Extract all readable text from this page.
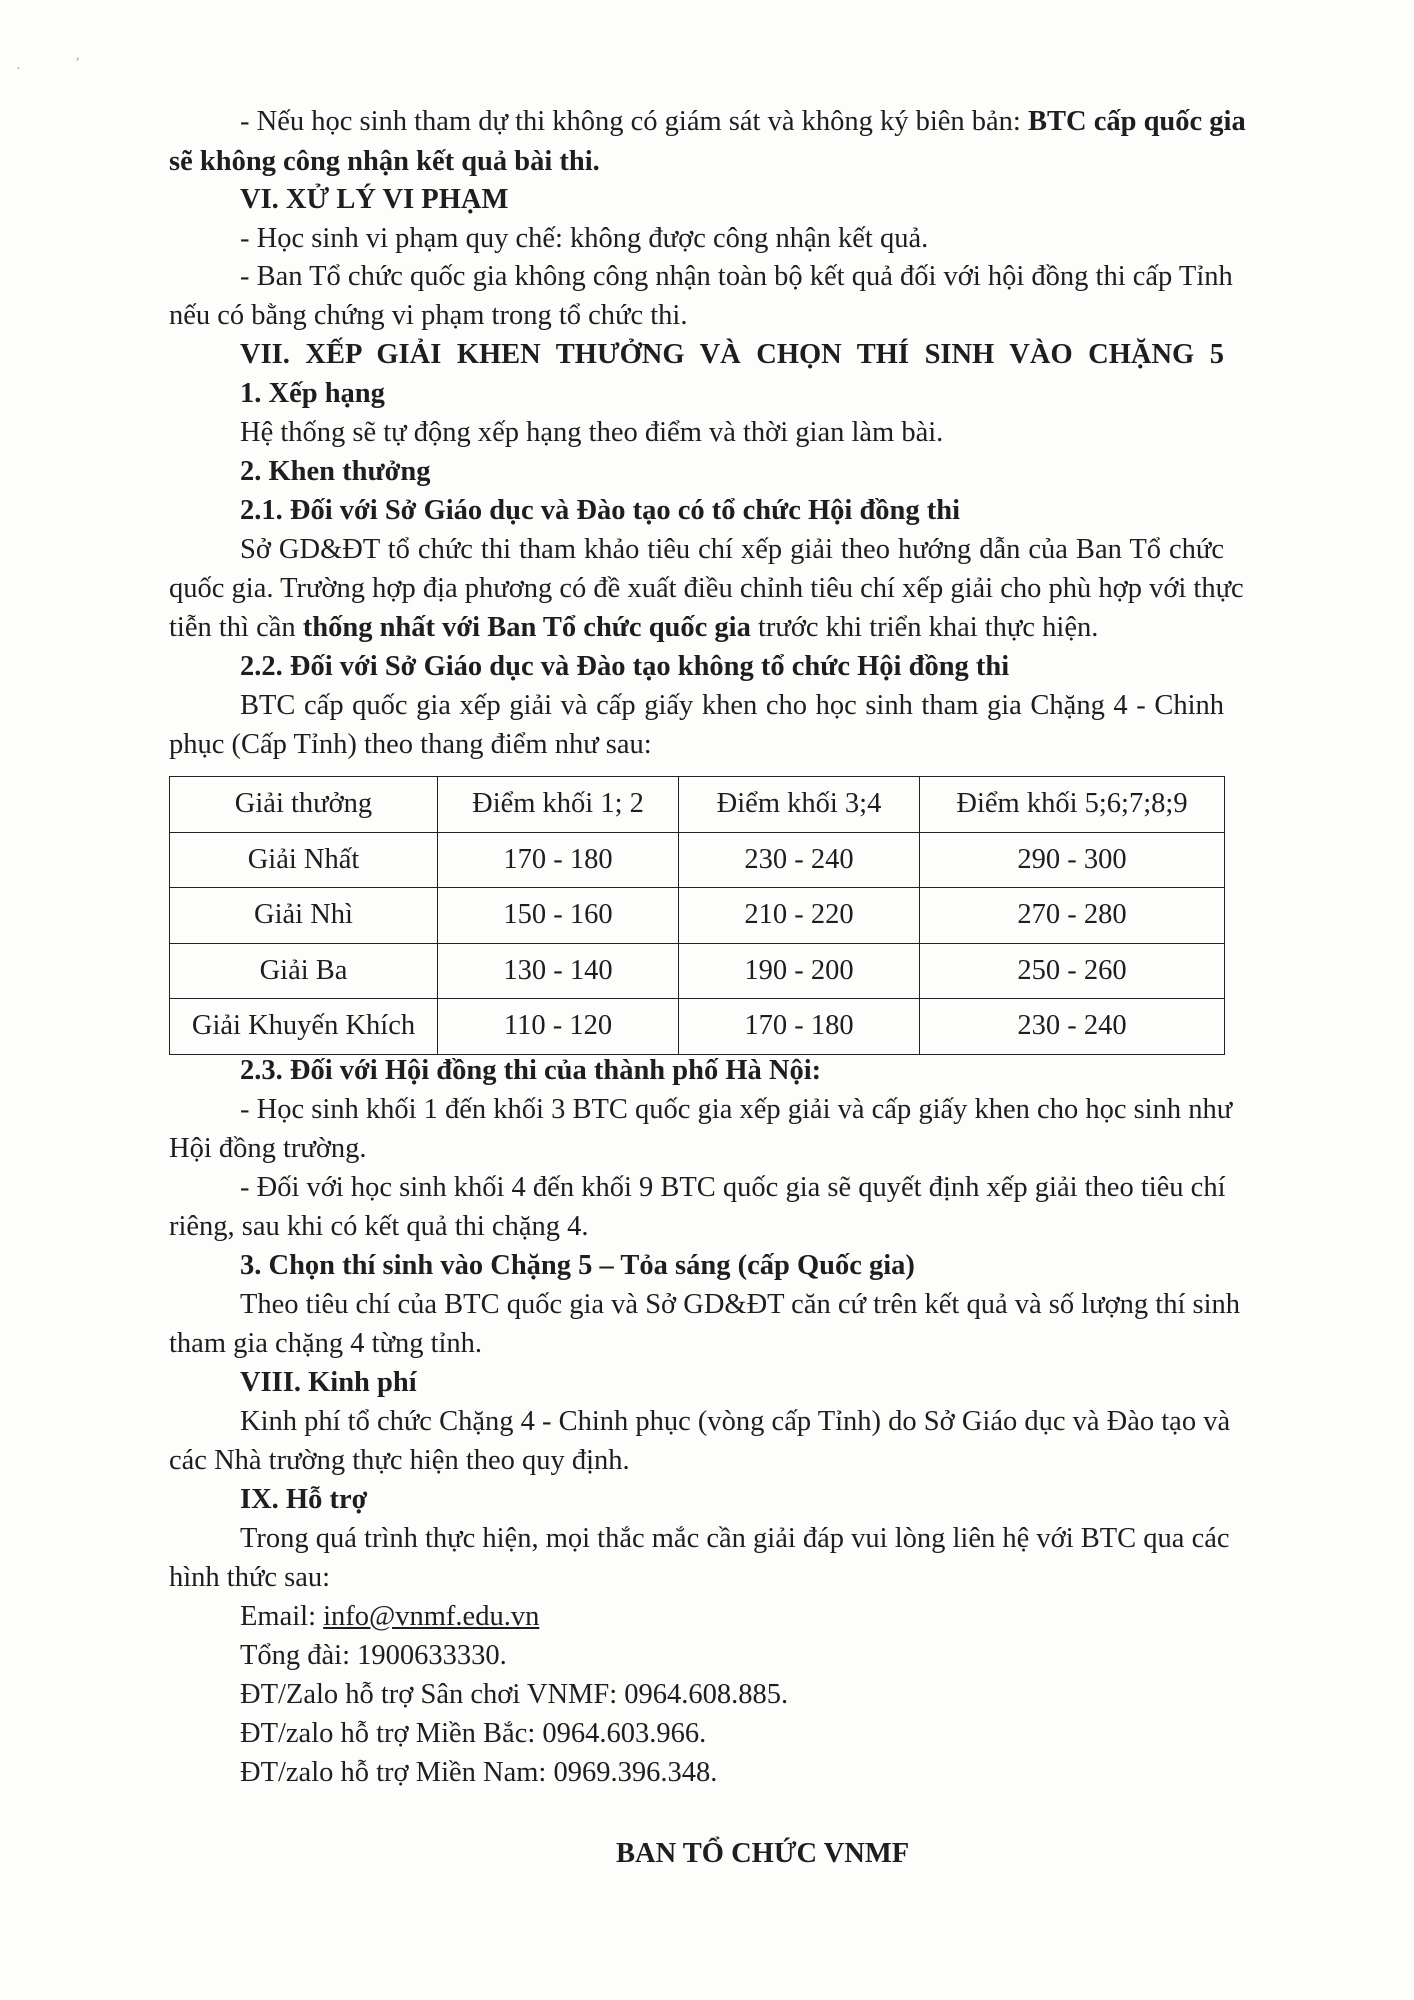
·
,
- Nếu học sinh tham dự thi không có giám sát và không ký biên bản: BTC cấp quốc gia
sẽ không công nhận kết quả bài thi.
VI. XỬ LÝ VI PHẠM
- Học sinh vi phạm quy chế: không được công nhận kết quả.
- Ban Tổ chức quốc gia không công nhận toàn bộ kết quả đối với hội đồng thi cấp Tỉnh
nếu có bằng chứng vi phạm trong tổ chức thi.
VII. XẾP GIẢI KHEN THƯỞNG VÀ CHỌN THÍ SINH VÀO CHẶNG 5
1. Xếp hạng
Hệ thống sẽ tự động xếp hạng theo điểm và thời gian làm bài.
2. Khen thưởng
2.1. Đối với Sở Giáo dục và Đào tạo có tổ chức Hội đồng thi
Sở GD&ĐT tổ chức thi tham khảo tiêu chí xếp giải theo hướng dẫn của Ban Tổ chức
quốc gia. Trường hợp địa phương có đề xuất điều chỉnh tiêu chí xếp giải cho phù hợp với thực
tiễn thì cần thống nhất với Ban Tổ chức quốc gia trước khi triển khai thực hiện.
2.2. Đối với Sở Giáo dục và Đào tạo không tổ chức Hội đồng thi
BTC cấp quốc gia xếp giải và cấp giấy khen cho học sinh tham gia Chặng 4 - Chinh
phục (Cấp Tỉnh) theo thang điểm như sau:
Giải thưởng	Điểm khối 1; 2	Điểm khối 3;4	Điểm khối 5;6;7;8;9
Giải Nhất	170 - 180	230 - 240	290 - 300
Giải Nhì	150 - 160	210 - 220	270 - 280
Giải Ba	130 - 140	190 - 200	250 - 260
Giải Khuyến Khích	110 - 120	170 - 180	230 - 240
2.3. Đối với Hội đồng thi của thành phố Hà Nội:
- Học sinh khối 1 đến khối 3 BTC quốc gia xếp giải và cấp giấy khen cho học sinh như
Hội đồng trường.
- Đối với học sinh khối 4 đến khối 9 BTC quốc gia sẽ quyết định xếp giải theo tiêu chí
riêng, sau khi có kết quả thi chặng 4.
3. Chọn thí sinh vào Chặng 5 – Tỏa sáng (cấp Quốc gia)
Theo tiêu chí của BTC quốc gia và Sở GD&ĐT căn cứ trên kết quả và số lượng thí sinh
tham gia chặng 4 từng tỉnh.
VIII. Kinh phí
Kinh phí tổ chức Chặng 4 - Chinh phục (vòng cấp Tỉnh) do Sở Giáo dục và Đào tạo và
các Nhà trường thực hiện theo quy định.
IX. Hỗ trợ
Trong quá trình thực hiện, mọi thắc mắc cần giải đáp vui lòng liên hệ với BTC qua các
hình thức sau:
Email: info@vnmf.edu.vn
Tổng đài: 1900633330.
ĐT/Zalo hỗ trợ Sân chơi VNMF: 0964.608.885.
ĐT/zalo hỗ trợ Miền Bắc: 0964.603.966.
ĐT/zalo hỗ trợ Miền Nam: 0969.396.348.
BAN TỔ CHỨC VNMF
